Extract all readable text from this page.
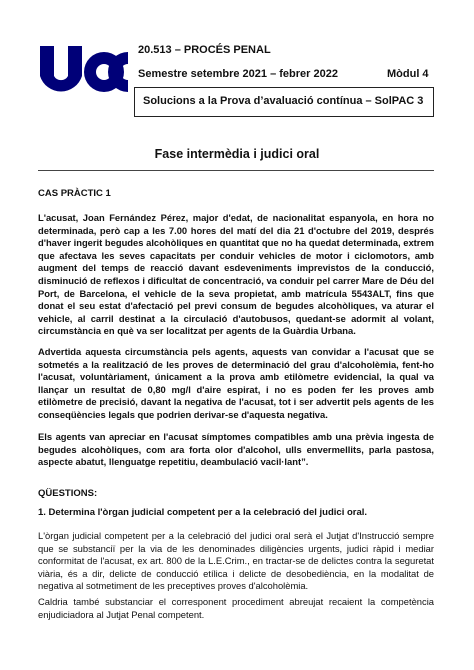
20.513 – PROCÉS PENAL
Semestre setembre 2021 – febrer 2022	Mòdul 4
Solucions a la Prova d’avaluació contínua – SolPAC 3
Fase intermèdia i judici oral
CAS PRÀCTIC 1
L'acusat, Joan Fernández Pérez, major d'edat, de nacionalitat espanyola, en hora no determinada, però cap a les 7.00 hores del matí del dia 21 d'octubre del 2019, després d'haver ingerit begudes alcohòliques en quantitat que no ha quedat determinada, extrem que afectava les seves capacitats per conduir vehicles de motor i ciclomotors, amb augment del temps de reacció davant esdeveniments imprevistos de la conducció, disminució de reflexos i dificultat de concentració, va conduir pel carrer Mare de Déu del Port, de Barcelona, el vehicle de la seva propietat, amb matrícula 5543ALT, fins que donat el seu estat d'afectació pel previ consum de begudes alcohòliques, va aturar el vehicle, al carril destinat a la circulació d'autobusos, quedant-se adormit al volant, circumstància en què va ser localitzat per agents de la Guàrdia Urbana.
Advertida aquesta circumstància pels agents, aquests van convidar a l'acusat que se sotmetés a la realització de les proves de determinació del grau d'alcoholèmia, fent-ho l'acusat, voluntàriament, únicament a la prova amb etilòmetre evidencial, la qual va llançar un resultat de 0,80 mg/l d'aire espirat, i no es poden fer les proves amb etilòmetre de precisió, davant la negativa de l'acusat, tot i ser advertit pels agents de les conseqüències legals que podrien derivar-se d'aquesta negativa.
Els agents van apreciar en l'acusat símptomes compatibles amb una prèvia ingesta de begudes alcohòliques, com ara forta olor d'alcohol, ulls envermellits, parla pastosa, aspecte abatut, llenguatge repetitiu, deambulació vacil·lant”.
QÜESTIONS:
1. Determina l'òrgan judicial competent per a la celebració del judici oral.
L'òrgan judicial competent per a la celebració del judici oral serà el Jutjat d'Instrucció sempre que se substanciï per la via de les denominades diligències urgents, judici ràpid i mediar conformitat de l'acusat, ex art. 800 de la L.E.Crim., en tractar-se de delictes contra la seguretat viària, és a dir, delicte de conducció etílica i delicte de desobediència, en la modalitat de negativa al sotmetiment de les preceptives proves d'alcoholèmia.
Caldria també substanciar el corresponent procediment abreujat recaient la competència enjudiciadora al Jutjat Penal competent.
